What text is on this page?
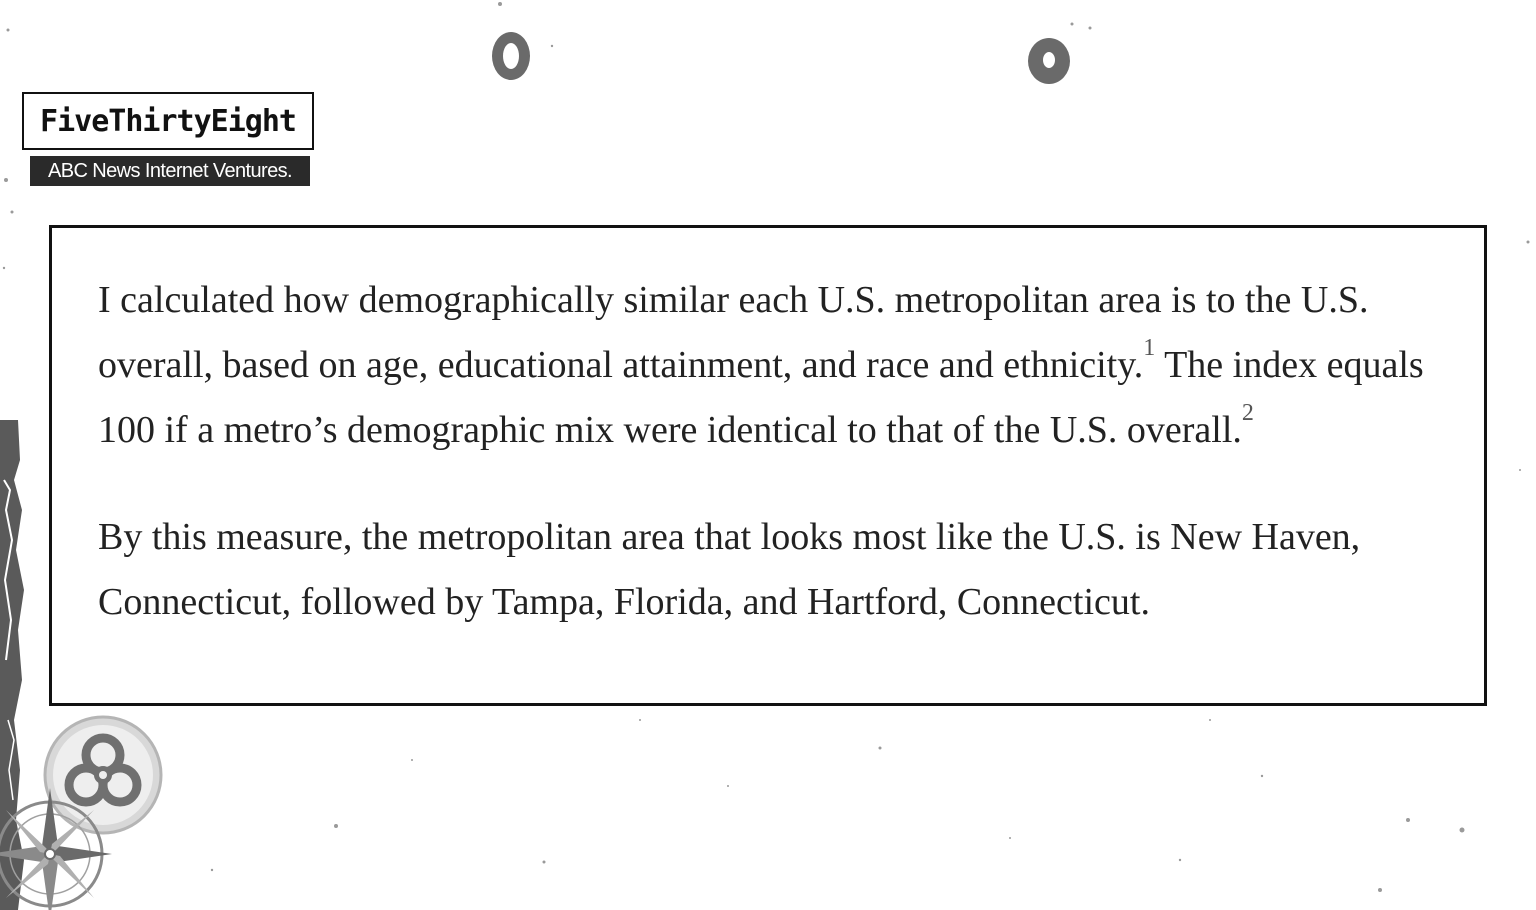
FiveThirtyEight
ABC News Internet Ventures.

I calculated how demographically similar each U.S. metropolitan area is to the U.S. overall, based on age, educational attainment, and race and ethnicity.$^1$ The index equals 100 if a metro’s demographic mix were identical to that of the U.S. overall.$^2$

By this measure, the metropolitan area that looks most like the U.S. is New Haven, Connecticut, followed by Tampa, Florida, and Hartford, Connecticut.
